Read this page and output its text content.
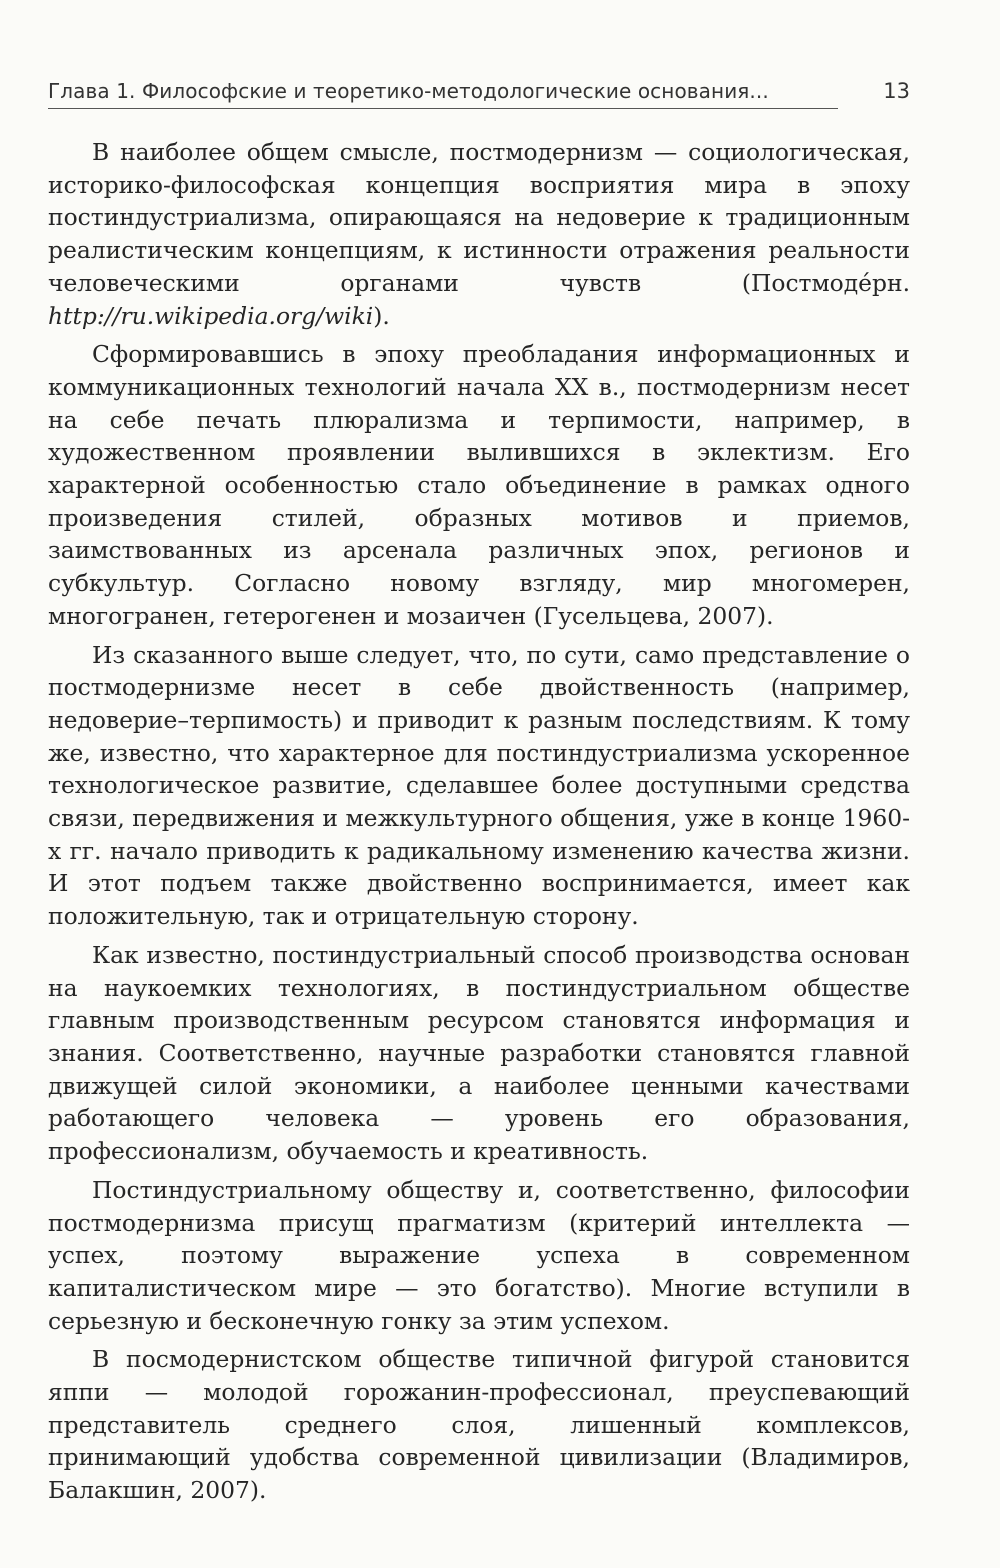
Глава 1. Философские и теоретико-методологические основания...	13

В наиболее общем смысле, постмодернизм — социологическая, историко-философская концепция восприятия мира в эпоху постиндустриализма, опирающаяся на недоверие к традиционным реалистическим концепциям, к истинности отражения реальности человеческими органами чувств (Постмодéрн. http://ru.wikipedia.org/wiki).

Сформировавшись в эпоху преобладания информационных и коммуникационных технологий начала XX в., постмодернизм несет на себе печать плюрализма и терпимости, например, в художественном проявлении вылившихся в эклектизм. Его характерной особенностью стало объединение в рамках одного произведения стилей, образных мотивов и приемов, заимствованных из арсенала различных эпох, регионов и субкультур. Согласно новому взгляду, мир многомерен, многогранен, гетерогенен и мозаичен (Гусельцева, 2007).

Из сказанного выше следует, что, по сути, само представление о постмодернизме несет в себе двойственность (например, недоверие–терпимость) и приводит к разным последствиям. К тому же, известно, что характерное для постиндустриализма ускоренное технологическое развитие, сделавшее более доступными средства связи, передвижения и межкультурного общения, уже в конце 1960-х гг. начало приводить к радикальному изменению качества жизни. И этот подъем также двойственно воспринимается, имеет как положительную, так и отрицательную сторону.

Как известно, постиндустриальный способ производства основан на наукоемких технологиях, в постиндустриальном обществе главным производственным ресурсом становятся информация и знания. Соответственно, научные разработки становятся главной движущей силой экономики, а наиболее ценными качествами работающего человека — уровень его образования, профессионализм, обучаемость и креативность.

Постиндустриальному обществу и, соответственно, философии постмодернизма присущ прагматизм (критерий интеллекта — успех, поэтому выражение успеха в современном капиталистическом мире — это богатство). Многие вступили в серьезную и бесконечную гонку за этим успехом.

В посмодернистском обществе типичной фигурой становится яппи — молодой горожанин-профессионал, преуспевающий представитель среднего слоя, лишенный комплексов, принимающий удобства современной цивилизации (Владимиров, Балакшин, 2007).
